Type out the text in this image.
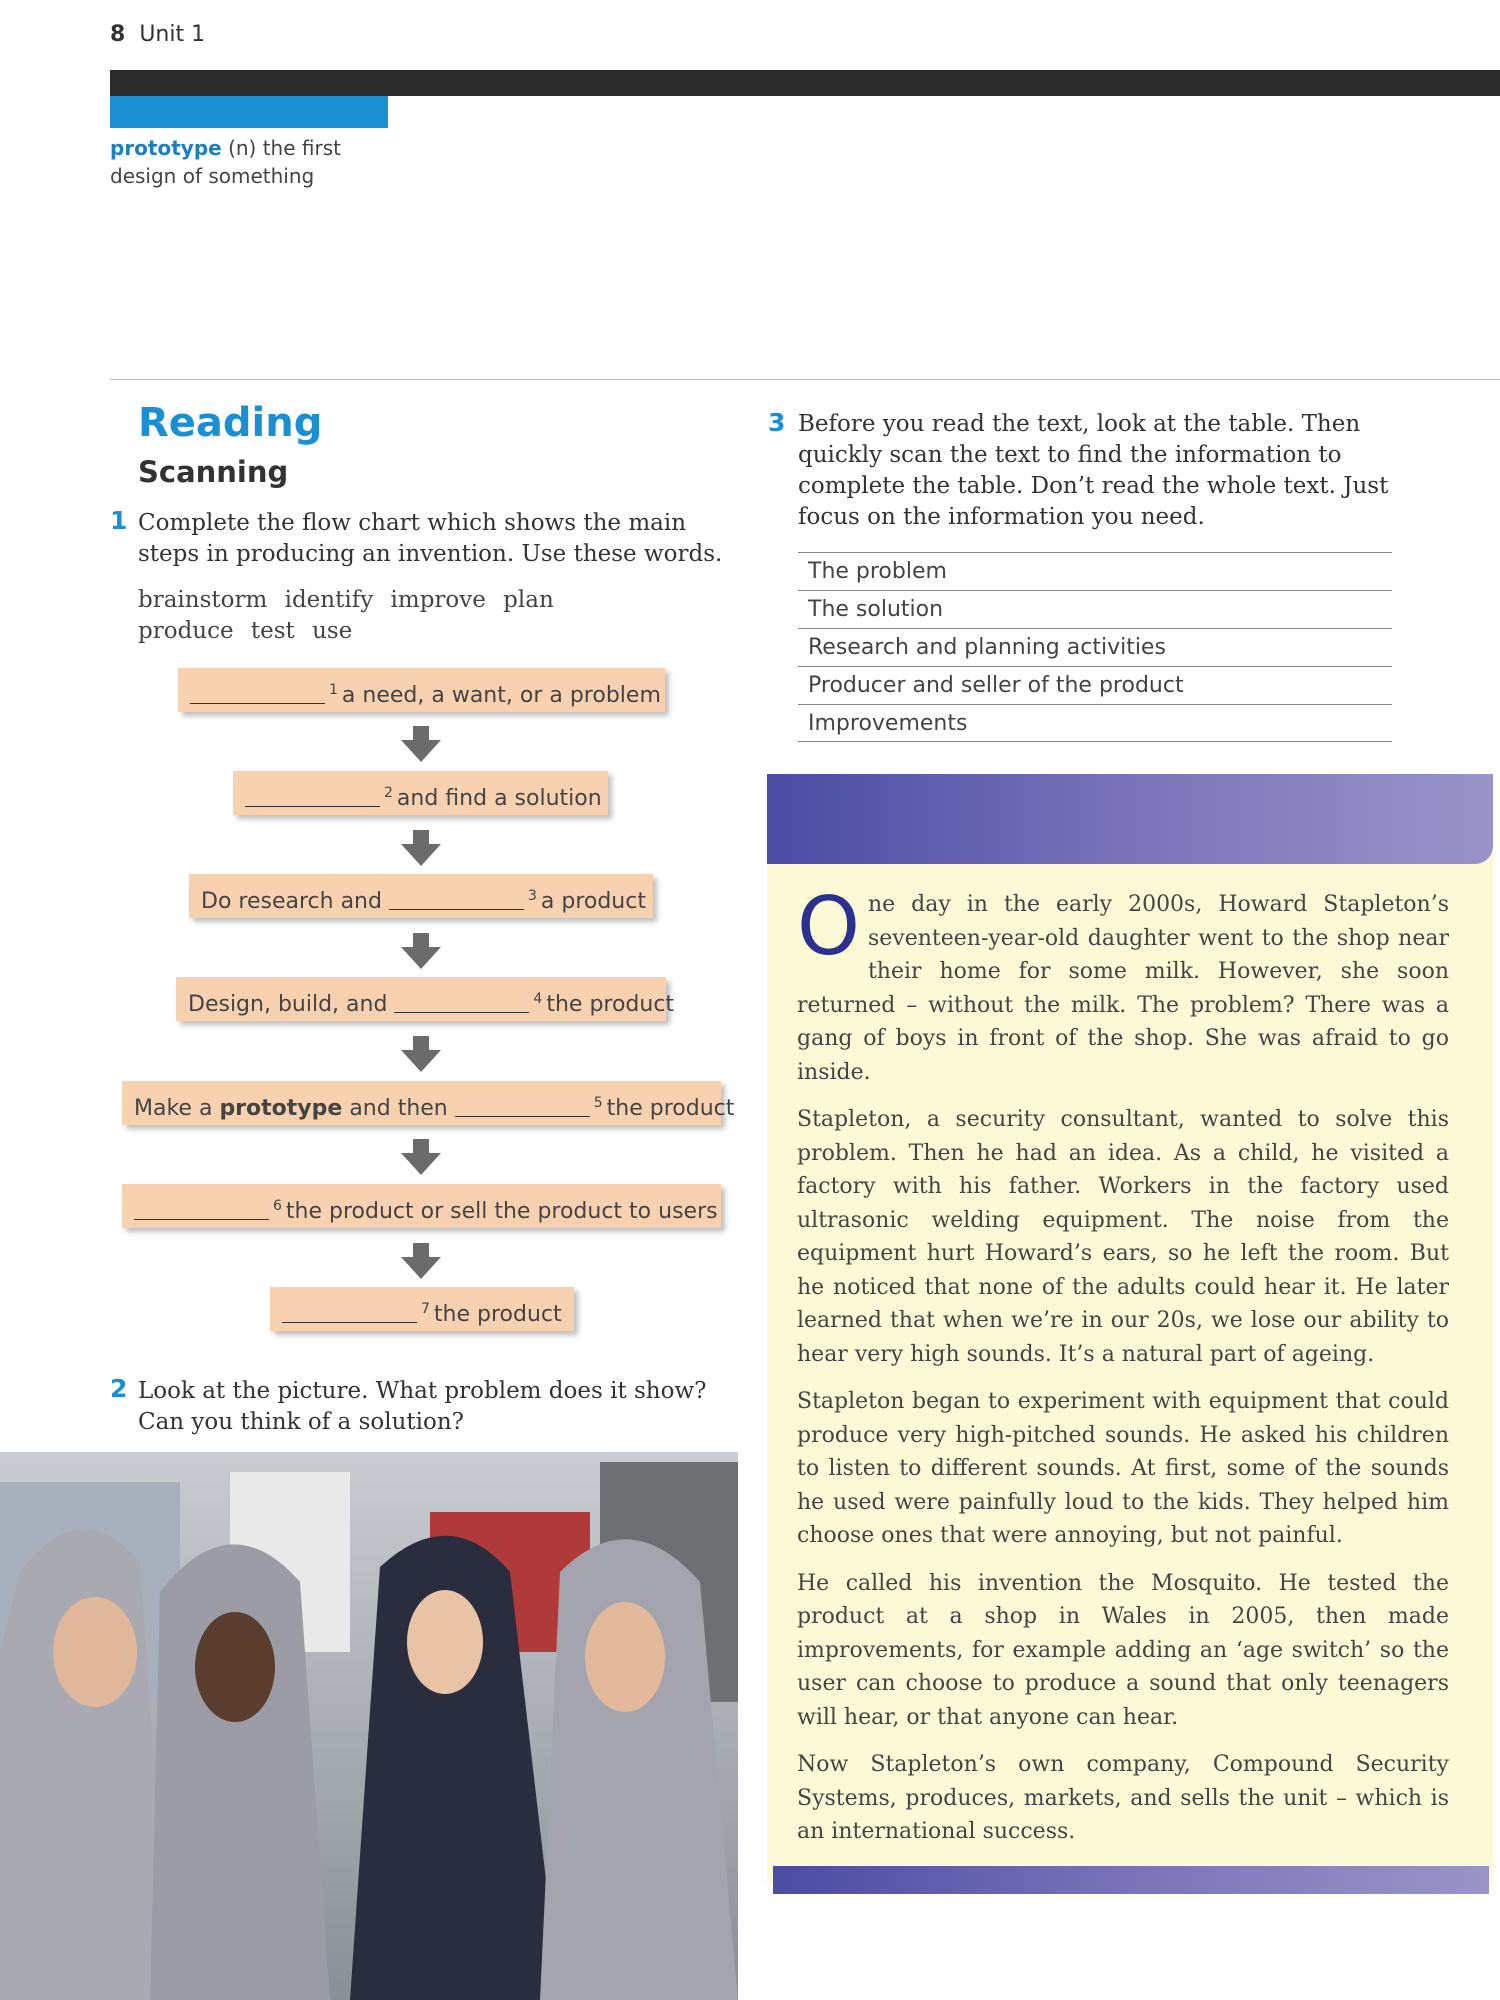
8 Unit 1
prototype (n) the first design of something
Reading
Scanning
1 Complete the flow chart which shows the main steps in producing an invention. Use these words.
brainstorm identify improve plan produce test use
$^1$ a need, a want, or a problem
$^2$ and find a solution
Do research and	$^3$ a product
Design, build, and	$^4$ the product
Make a prototype and then	$^5$ the product
$^6$ the product or sell the product to users
$^7$ the product
2 Look at the picture. What problem does it show? Can you think of a solution?
3 Before you read the text, look at the table. Then quickly scan the text to find the information to complete the table. Don’t read the whole text. Just focus on the information you need.
The problem
The solution
Research and planning activities
Producer and seller of the product
Improvements

One day in the early 2000s, Howard Stapleton’s seventeen-year-old daughter went to the shop near their home for some milk. However, she soon returned – without the milk. The problem? There was a gang of boys in front of the shop. She was afraid to go inside.

Stapleton, a security consultant, wanted to solve this problem. Then he had an idea. As a child, he visited a factory with his father. Workers in the factory used ultrasonic welding equipment. The noise from the equipment hurt Howard’s ears, so he left the room. But he noticed that none of the adults could hear it. He later learned that when we’re in our 20s, we lose our ability to hear very high sounds. It’s a natural part of ageing.

Stapleton began to experiment with equipment that could produce very high-pitched sounds. He asked his children to listen to different sounds. At first, some of the sounds he used were painfully loud to the kids. They helped him choose ones that were annoying, but not painful.

He called his invention the Mosquito. He tested the product at a shop in Wales in 2005, then made improvements, for example adding an ‘age switch’ so the user can choose to produce a sound that only teenagers will hear, or that anyone can hear.

Now Stapleton’s own company, Compound Security Systems, produces, markets, and sells the unit – which is an international success.
